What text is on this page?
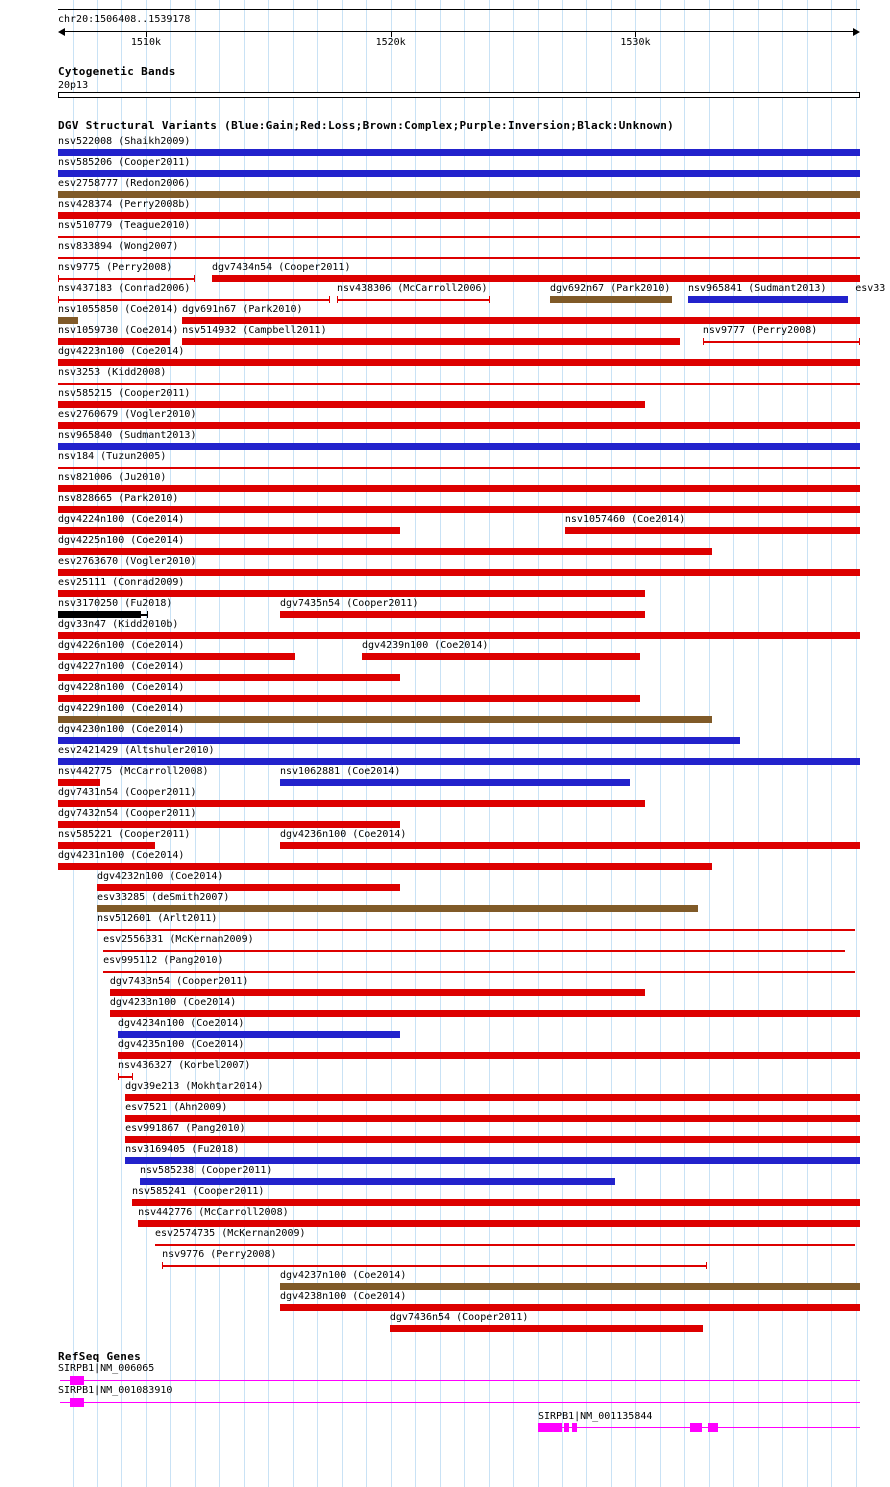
chr20:1506408..1539178
1510k	1520k	1530k
Cytogenetic Bands
20p13
DGV Structural Variants (Blue:Gain;Red:Loss;Brown:Complex;Purple:Inversion;Black:Unknown)
nsv522008 (Shaikh2009)
nsv585206 (Cooper2011)
esv2758777 (Redon2006)
nsv428374 (Perry2008b)
nsv510779 (Teague2010)
nsv833894 (Wong2007)
nsv9775 (Perry2008)	dgv7434n54 (Cooper2011)
nsv437183 (Conrad2006)	nsv438306 (McCarroll2006)	dgv692n67 (Park2010) nsv965841 (Sudmant2013)	esv33
nsv1055850 (Coe2014) dgv691n67 (Park2010)
nsv1059730 (Coe2014) nsv514932 (Campbell2011)	nsv9777 (Perry2008)
dgv4223n100 (Coe2014)
nsv3253 (Kidd2008)
nsv585215 (Cooper2011)
esv2760679 (Vogler2010)
nsv965840 (Sudmant2013)
nsv184 (Tuzun2005)
nsv821006 (Ju2010)
nsv828665 (Park2010)
dgv4224n100 (Coe2014)	nsv1057460 (Coe2014)
dgv4225n100 (Coe2014)
esv2763670 (Vogler2010)
esv25111 (Conrad2009)
nsv3170250 (Fu2018)	dgv7435n54 (Cooper2011)
dgv33n47 (Kidd2010b)
dgv4226n100 (Coe2014)	dgv4239n100 (Coe2014)
dgv4227n100 (Coe2014)
dgv4228n100 (Coe2014)
dgv4229n100 (Coe2014)
dgv4230n100 (Coe2014)
esv2421429 (Altshuler2010)
nsv442775 (McCarroll2008)	nsv1062881 (Coe2014)
dgv7431n54 (Cooper2011)
dgv7432n54 (Cooper2011)
nsv585221 (Cooper2011)	dgv4236n100 (Coe2014)
dgv4231n100 (Coe2014)
dgv4232n100 (Coe2014)
esv33285 (deSmith2007)
nsv512601 (Arlt2011)
esv2556331 (McKernan2009)
esv995112 (Pang2010)
dgv7433n54 (Cooper2011)
dgv4233n100 (Coe2014)
dgv4234n100 (Coe2014)
dgv4235n100 (Coe2014)
nsv436327 (Korbel2007)
dgv39e213 (Mokhtar2014)
esv7521 (Ahn2009)
esv991867 (Pang2010)
nsv3169405 (Fu2018)
nsv585238 (Cooper2011)
nsv585241 (Cooper2011)
nsv442776 (McCarroll2008)
esv2574735 (McKernan2009)
nsv9776 (Perry2008)
dgv4237n100 (Coe2014)
dgv4238n100 (Coe2014)
dgv7436n54 (Cooper2011)
RefSeq Genes
SIRPB1|NM_006065
SIRPB1|NM_001083910
SIRPB1|NM_001135844
